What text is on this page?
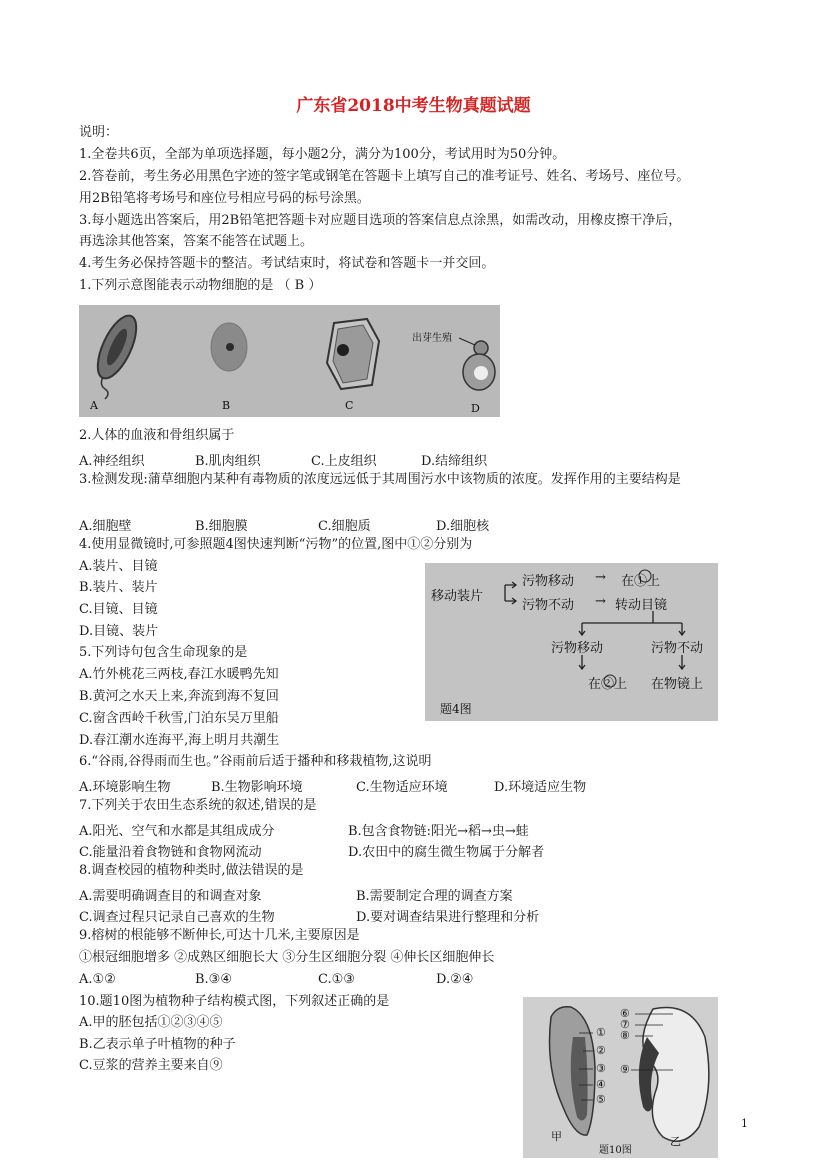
广东省2018中考生物真题试题
说明：
1.全卷共6页，全部为单项选择题，每小题2分，满分为100分，考试用时为50分钟。
2.答卷前，考生务必用黑色字迹的签字笔或钢笔在答题卡上填写自己的准考证号、姓名、考场号、座位号。
用2B铅笔将考场号和座位号相应号码的标号涂黑。
3.每小题选出答案后，用2B铅笔把答题卡对应题目选项的答案信息点涂黑，如需改动，用橡皮擦干净后，
再选涂其他答案，答案不能答在试题上。
4.考生务必保持答题卡的整洁。考试结束时，将试卷和答题卡一并交回。
1.下列示意图能表示动物细胞的是 （ B ）
出芽生殖
A	B	C	D
2.人体的血液和骨组织属于
A.神经组织	B.肌肉组织	C.上皮组织	D.结缔组织
3.检测发现:蒲草细胞内某种有毒物质的浓度远远低于其周围污水中该物质的浓度。发挥作用的主要结构是
A.细胞壁	B.细胞膜	C.细胞质	D.细胞核
4.使用显微镜时,可参照题4图快速判断“污物”的位置,图中①②分别为
A.装片、目镜
B.装片、装片
C.目镜、目镜
D.目镜、装片
移动装片
污物移动 → 在①上
污物不动 → 转动目镜
污物移动	污物不动
在②上 在物镜上
题4图
5.下列诗句包含生命现象的是
A.竹外桃花三两枝,春江水暖鸭先知
B.黄河之水天上来,奔流到海不复回
C.窗含西岭千秋雪,门泊东吴万里船
D.春江潮水连海平,海上明月共潮生
6.“谷雨,谷得雨而生也。”谷雨前后适于播种和移栽植物,这说明
A.环境影响生物	B.生物影响环境	C.生物适应环境	D.环境适应生物
7.下列关于农田生态系统的叙述,错误的是
A.阳光、空气和水都是其组成成分	B.包含食物链:阳光→稻→虫→蛙
C.能量沿着食物链和食物网流动	D.农田中的腐生微生物属于分解者
8.调查校园的植物种类时,做法错误的是
A.需要明确调查目的和调查对象	B.需要制定合理的调查方案
C.调查过程只记录自己喜欢的生物	D.要对调查结果进行整理和分析
9.榕树的根能够不断伸长,可达十几米,主要原因是
①根冠细胞增多 ②成熟区细胞长大 ③分生区细胞分裂 ④伸长区细胞伸长
A.①②	B.③④	C.①③	D.②④
10.题10图为植物种子结构模式图，下列叙述正确的是
A.甲的胚包括①②③④⑤
B.乙表示单子叶植物的种子
C.豆浆的营养主要来自⑨
①
②
③
④
⑤
⑥
⑦
⑧
⑨
甲	乙
题10图
1
